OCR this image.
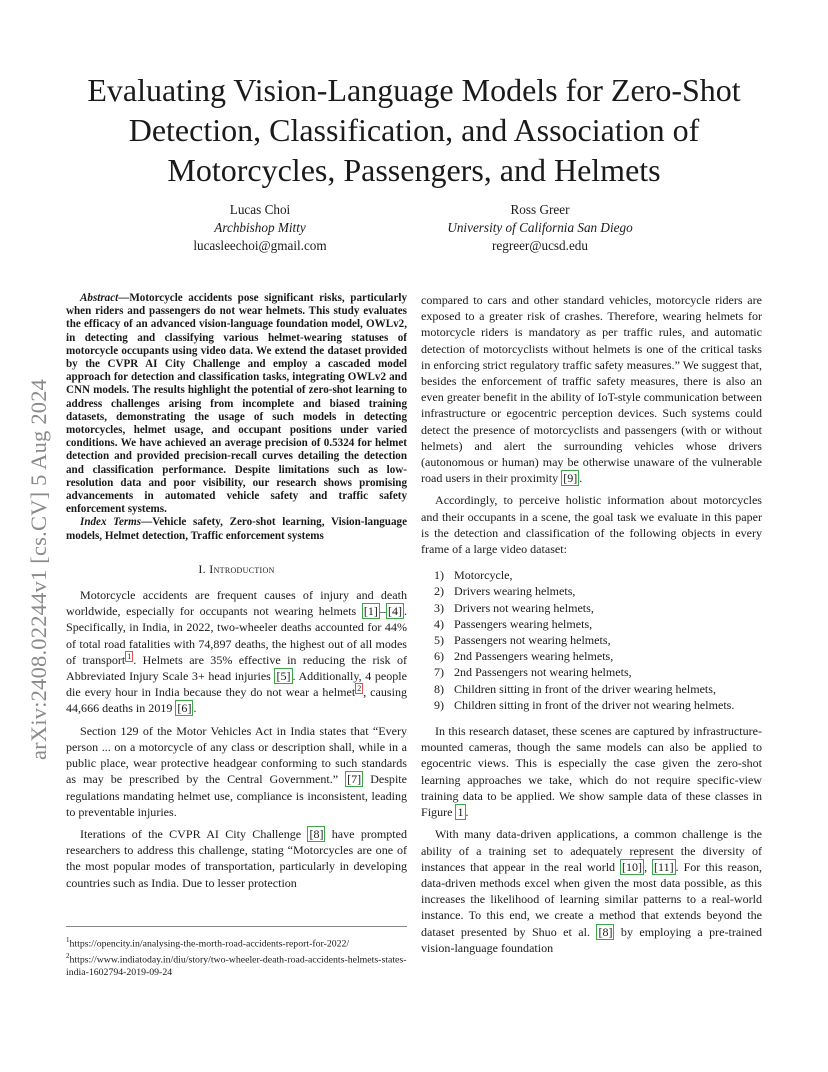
arXiv:2408.02244v1 [cs.CV] 5 Aug 2024
Evaluating Vision-Language Models for Zero-Shot Detection, Classification, and Association of Motorcycles, Passengers, and Helmets
Lucas Choi
Archbishop Mitty
lucasleechoi@gmail.com
Ross Greer
University of California San Diego
regreer@ucsd.edu

Abstract—Motorcycle accidents pose significant risks, particularly when riders and passengers do not wear helmets. This study evaluates the efficacy of an advanced vision-language foundation model, OWLv2, in detecting and classifying various helmet-wearing statuses of motorcycle occupants using video data. We extend the dataset provided by the CVPR AI City Challenge and employ a cascaded model approach for detection and classification tasks, integrating OWLv2 and CNN models. The results highlight the potential of zero-shot learning to address challenges arising from incomplete and biased training datasets, demonstrating the usage of such models in detecting motorcycles, helmet usage, and occupant positions under varied conditions. We have achieved an average precision of 0.5324 for helmet detection and provided precision-recall curves detailing the detection and classification performance. Despite limitations such as low-resolution data and poor visibility, our research shows promising advancements in automated vehicle safety and traffic safety enforcement systems.

Index Terms—Vehicle safety, Zero-shot learning, Vision-language models, Helmet detection, Traffic enforcement systems

I. Introduction

Motorcycle accidents are frequent causes of injury and death worldwide, especially for occupants not wearing helmets [1] – [4] . Specifically, in India, in 2022, two-wheeler deaths accounted for 44% of total road fatalities with 74,897 deaths, the highest out of all modes of transport $^1$ . Helmets are 35% effective in reducing the risk of Abbreviated Injury Scale 3+ head injuries [5] . Additionally, 4 people die every hour in India because they do not wear a helmet $^2$ , causing 44,666 deaths in 2019 [6] .

Section 129 of the Motor Vehicles Act in India states that “Every person ... on a motorcycle of any class or description shall, while in a public place, wear protective headgear conforming to such standards as may be prescribed by the Central Government.” [7] Despite regulations mandating helmet use, compliance is inconsistent, leading to preventable injuries.

Iterations of the CVPR AI City Challenge [8] have prompted researchers to address this challenge, stating “Motorcycles are one of the most popular modes of transportation, particularly in developing countries such as India. Due to lesser protection

$^1$https://opencity.in/analysing-the-morth-road-accidents-report-for-2022/
$^2$https://www.indiatoday.in/diu/story/two-wheeler-death-road-accidents-helmets-states-india-1602794-2019-09-24

compared to cars and other standard vehicles, motorcycle riders are exposed to a greater risk of crashes. Therefore, wearing helmets for motorcycle riders is mandatory as per traffic rules, and automatic detection of motorcyclists without helmets is one of the critical tasks in enforcing strict regulatory traffic safety measures.” We suggest that, besides the enforcement of traffic safety measures, there is also an even greater benefit in the ability of IoT-style communication between infrastructure or egocentric perception devices. Such systems could detect the presence of motorcyclists and passengers (with or without helmets) and alert the surrounding vehicles whose drivers (autonomous or human) may be otherwise unaware of the vulnerable road users in their proximity [9] .

Accordingly, to perceive holistic information about motorcycles and their occupants in a scene, the goal task we evaluate in this paper is the detection and classification of the following objects in every frame of a large video dataset:

1) Motorcycle,
2) Drivers wearing helmets,
3) Drivers not wearing helmets,
4) Passengers wearing helmets,
5) Passengers not wearing helmets,
6) 2nd Passengers wearing helmets,
7) 2nd Passengers not wearing helmets,
8) Children sitting in front of the driver wearing helmets,
9) Children sitting in front of the driver not wearing helmets.

In this research dataset, these scenes are captured by infrastructure-mounted cameras, though the same models can also be applied to egocentric views. This is especially the case given the zero-shot learning approaches we take, which do not require specific-view training data to be applied. We show sample data of these classes in Figure 1 .

With many data-driven applications, a common challenge is the ability of a training set to adequately represent the diversity of instances that appear in the real world [10] , [11] . For this reason, data-driven methods excel when given the most data possible, as this increases the likelihood of learning similar patterns to a real-world instance. To this end, we create a method that extends beyond the dataset presented by Shuo et al. [8] by employing a pre-trained vision-language foundation
